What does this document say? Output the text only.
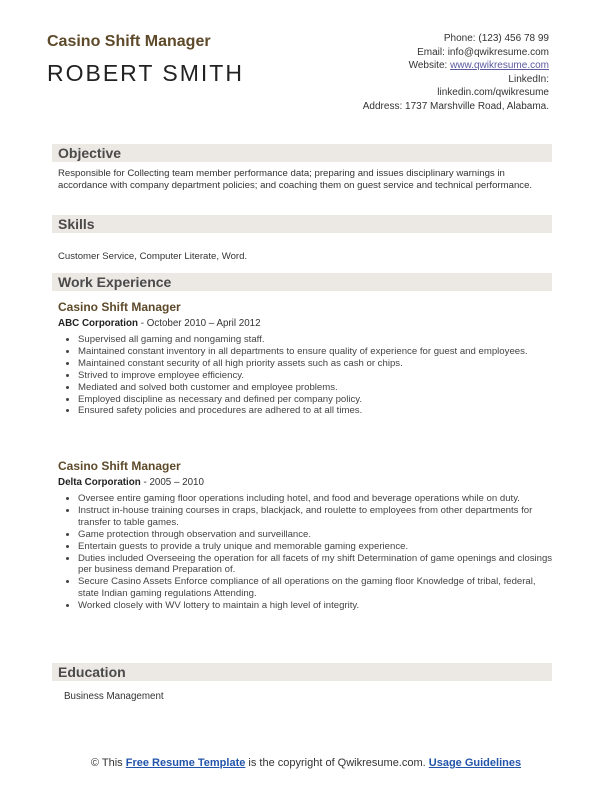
Casino Shift Manager
ROBERT SMITH
Phone: (123) 456 78 99
Email: info@qwikresume.com
Website: www.qwikresume.com
LinkedIn:
linkedin.com/qwikresume
Address: 1737 Marshville Road, Alabama.
Objective
Responsible for Collecting team member performance data; preparing and issues disciplinary warnings in accordance with company department policies; and coaching them on guest service and technical performance.
Skills
Customer Service, Computer Literate, Word.
Work Experience
Casino Shift Manager
ABC Corporation - October 2010 – April 2012
• Supervised all gaming and nongaming staff.
• Maintained constant inventory in all departments to ensure quality of experience for guest and employees.
• Maintained constant security of all high priority assets such as cash or chips.
• Strived to improve employee efficiency.
• Mediated and solved both customer and employee problems.
• Employed discipline as necessary and defined per company policy.
• Ensured safety policies and procedures are adhered to at all times.
Casino Shift Manager
Delta Corporation - 2005 – 2010
• Oversee entire gaming floor operations including hotel, and food and beverage operations while on duty.
• Instruct in-house training courses in craps, blackjack, and roulette to employees from other departments for transfer to table games.
• Game protection through observation and surveillance.
• Entertain guests to provide a truly unique and memorable gaming experience.
• Duties included Overseeing the operation for all facets of my shift Determination of game openings and closings per business demand Preparation of.
• Secure Casino Assets Enforce compliance of all operations on the gaming floor Knowledge of tribal, federal, state Indian gaming regulations Attending.
• Worked closely with WV lottery to maintain a high level of integrity.
Education
Business Management
© This Free Resume Template is the copyright of Qwikresume.com. Usage Guidelines
